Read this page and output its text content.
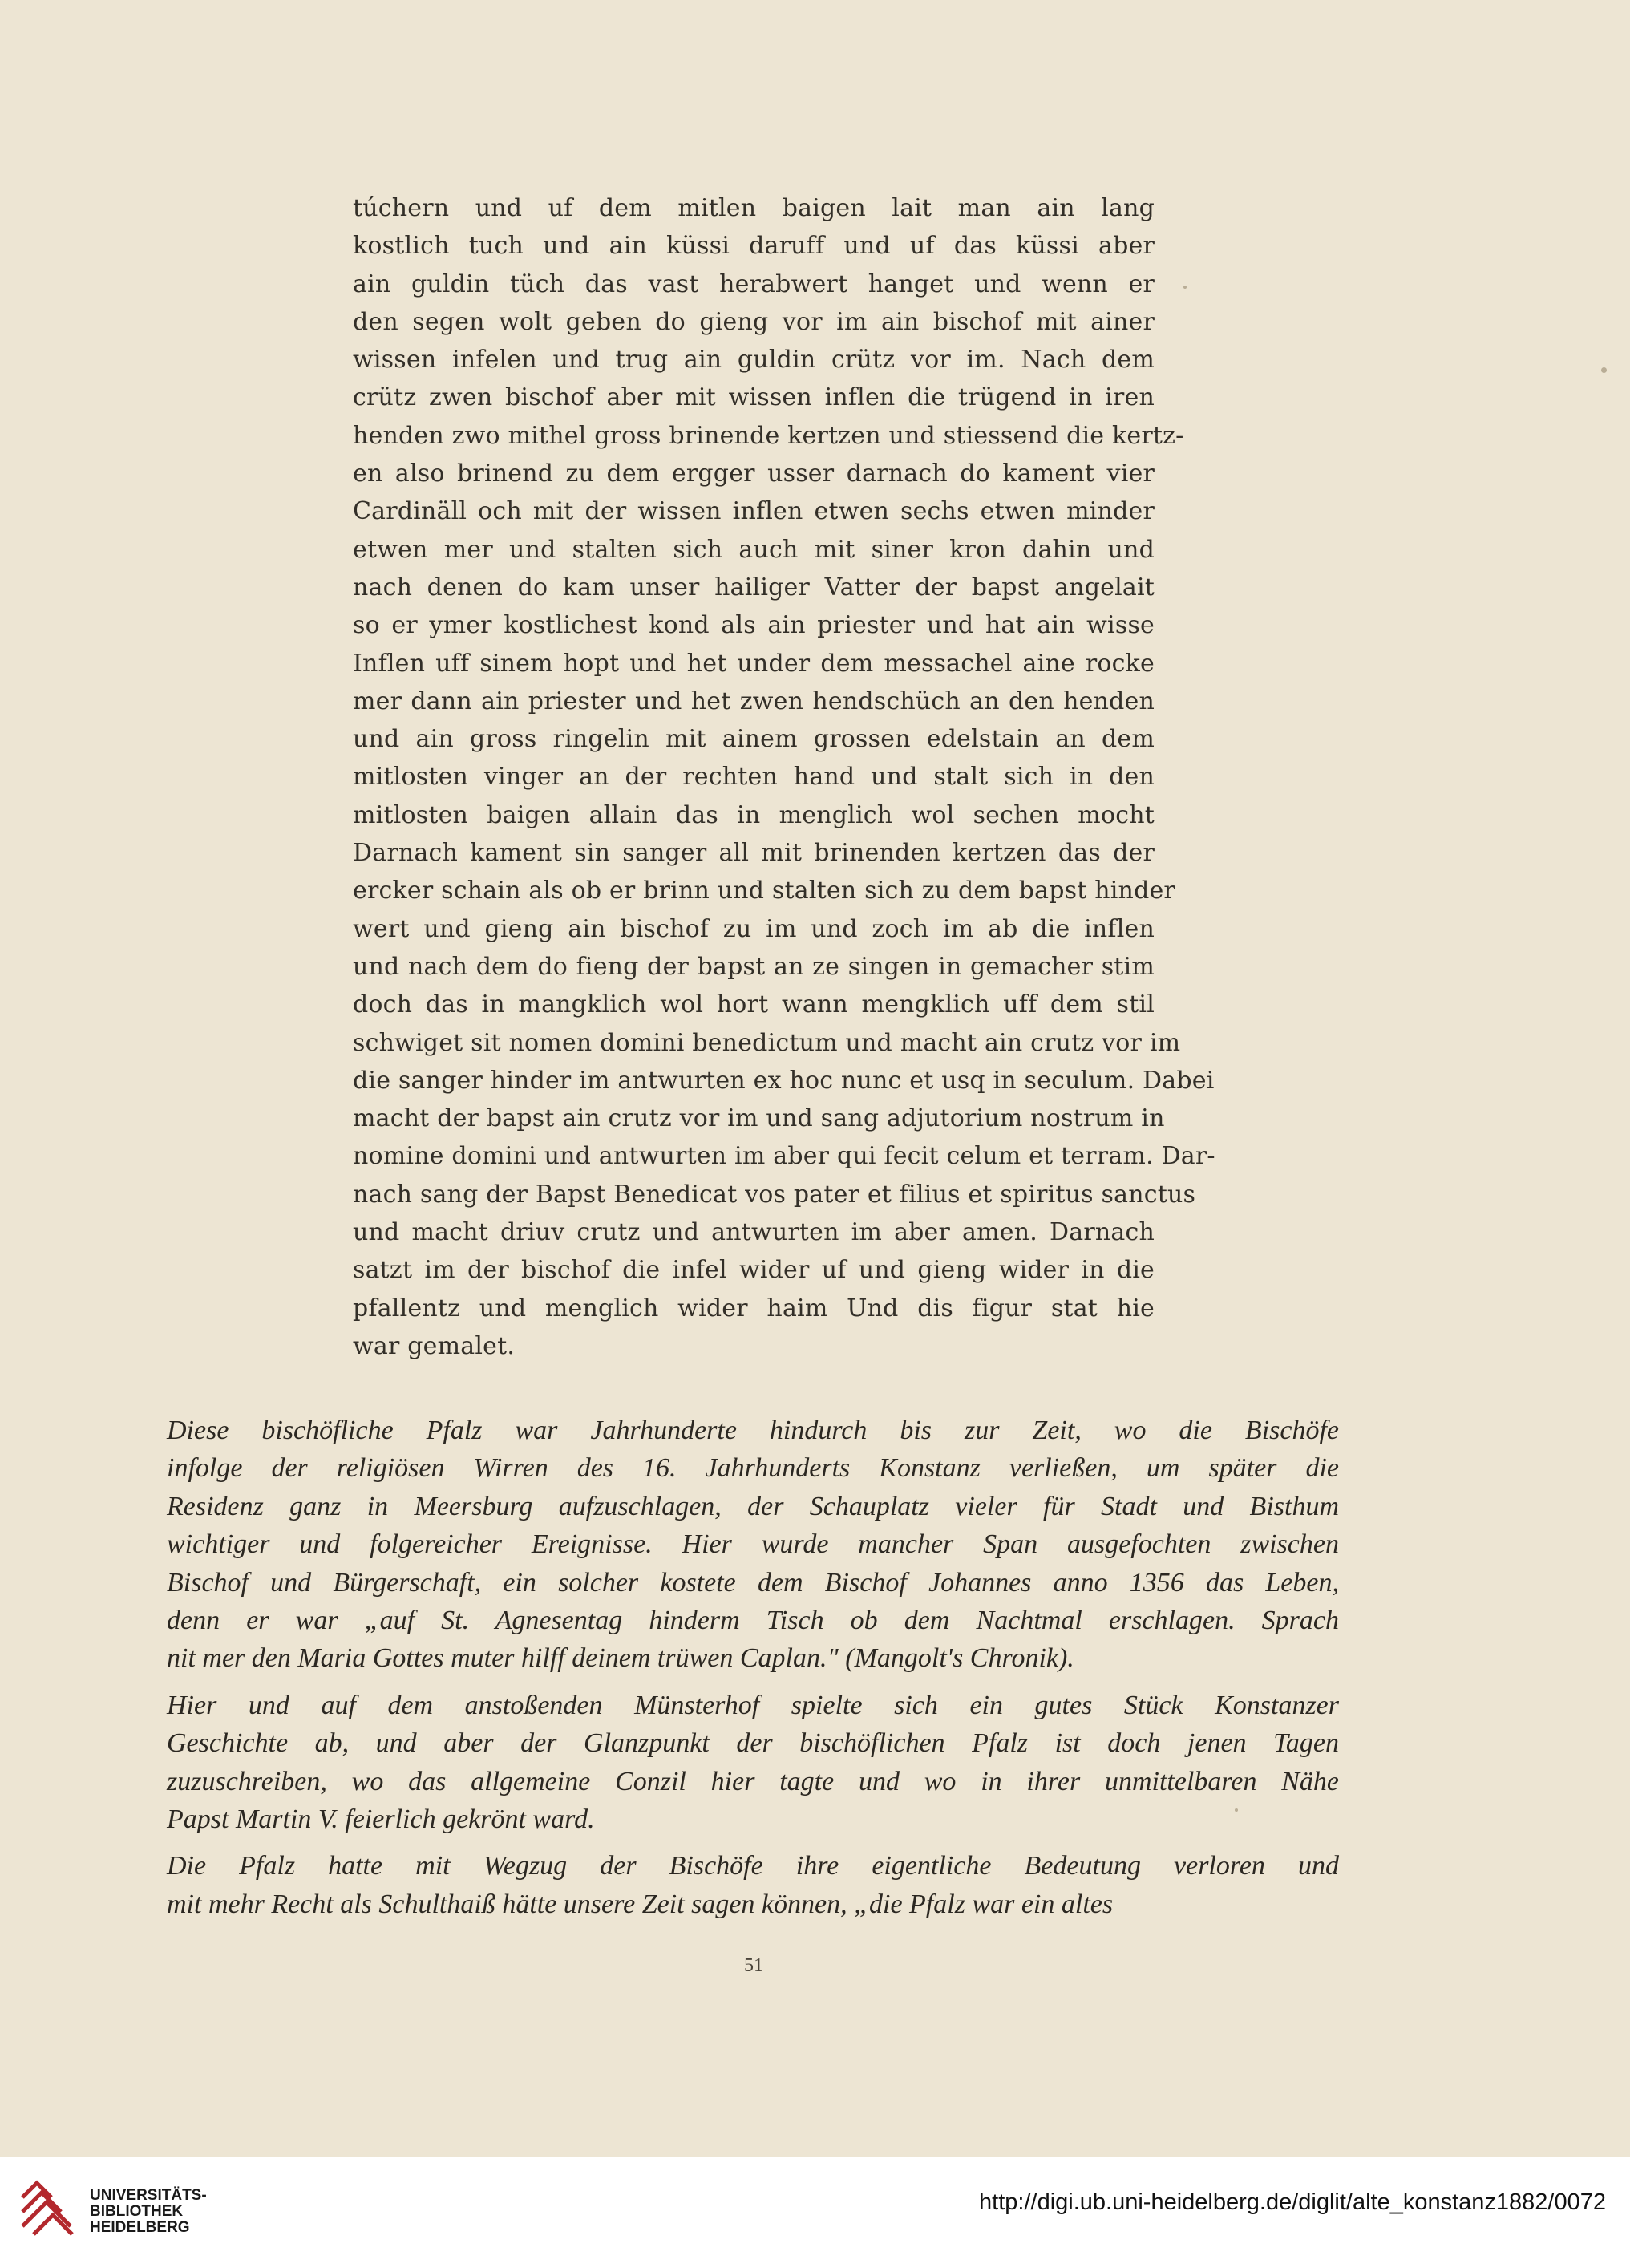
túchern und uf dem mitlen baigen lait man ain lang
kostlich tuch und ain küssi daruff und uf das küssi aber
ain guldin tüch das vast herabwert hanget und wenn er
den segen wolt geben do gieng vor im ain bischof mit ainer
wissen infelen und trug ain guldin crütz vor im. Nach dem
crütz zwen bischof aber mit wissen inflen die trügend in iren
henden zwo mithel gross brinende kertzen und stiessend die kertz-
en also brinend zu dem ergger usser darnach do kament vier
Cardinäll och mit der wissen inflen etwen sechs etwen minder
etwen mer und stalten sich auch mit siner kron dahin und
nach denen do kam unser hailiger Vatter der bapst angelait
so er ymer kostlichest kond als ain priester und hat ain wisse
Inflen uff sinem hopt und het under dem messachel aine rocke
mer dann ain priester und het zwen hendschüch an den henden
und ain gross ringelin mit ainem grossen edelstain an dem
mitlosten vinger an der rechten hand und stalt sich in den
mitlosten baigen allain das in menglich wol sechen mocht
Darnach kament sin sanger all mit brinenden kertzen das der
ercker schain als ob er brinn und stalten sich zu dem bapst hinder
wert und gieng ain bischof zu im und zoch im ab die inflen
und nach dem do fieng der bapst an ze singen in gemacher stim
doch das in mangklich wol hort wann mengklich uff dem stil
schwiget sit nomen domini benedictum und macht ain crutz vor im
die sanger hinder im antwurten ex hoc nunc et usq in seculum. Dabei
macht der bapst ain crutz vor im und sang adjutorium nostrum in
nomine domini und antwurten im aber qui fecit celum et terram. Dar-
nach sang der Bapst Benedicat vos pater et filius et spiritus sanctus
und macht driuv crutz und antwurten im aber amen. Darnach
satzt im der bischof die infel wider uf und gieng wider in die
pfallentz und menglich wider haim Und dis figur stat hie
war gemalet.
Diese bischöfliche Pfalz war Jahrhunderte hindurch bis zur Zeit, wo die Bischöfe
infolge der religiösen Wirren des 16. Jahrhunderts Konstanz verließen, um später die
Residenz ganz in Meersburg aufzuschlagen, der Schauplatz vieler für Stadt und Bisthum
wichtiger und folgereicher Ereignisse. Hier wurde mancher Span ausgefochten zwischen
Bischof und Bürgerschaft, ein solcher kostete dem Bischof Johannes anno 1356 das Leben,
denn er war „auf St. Agnesentag hinderm Tisch ob dem Nachtmal erschlagen. Sprach
nit mer den Maria Gottes muter hilff deinem trüwen Caplan." (Mangolt's Chronik).
Hier und auf dem anstoßenden Münsterhof spielte sich ein gutes Stück Konstanzer
Geschichte ab, und aber der Glanzpunkt der bischöflichen Pfalz ist doch jenen Tagen
zuzuschreiben, wo das allgemeine Conzil hier tagte und wo in ihrer unmittelbaren Nähe
Papst Martin V. feierlich gekrönt ward.
Die Pfalz hatte mit Wegzug der Bischöfe ihre eigentliche Bedeutung verloren und
mit mehr Recht als Schulthaiß hätte unsere Zeit sagen können, „die Pfalz war ein altes
51
UNIVERSITÄTS-
BIBLIOTHEK
HEIDELBERG
http://digi.ub.uni-heidelberg.de/diglit/alte_konstanz1882/0072
